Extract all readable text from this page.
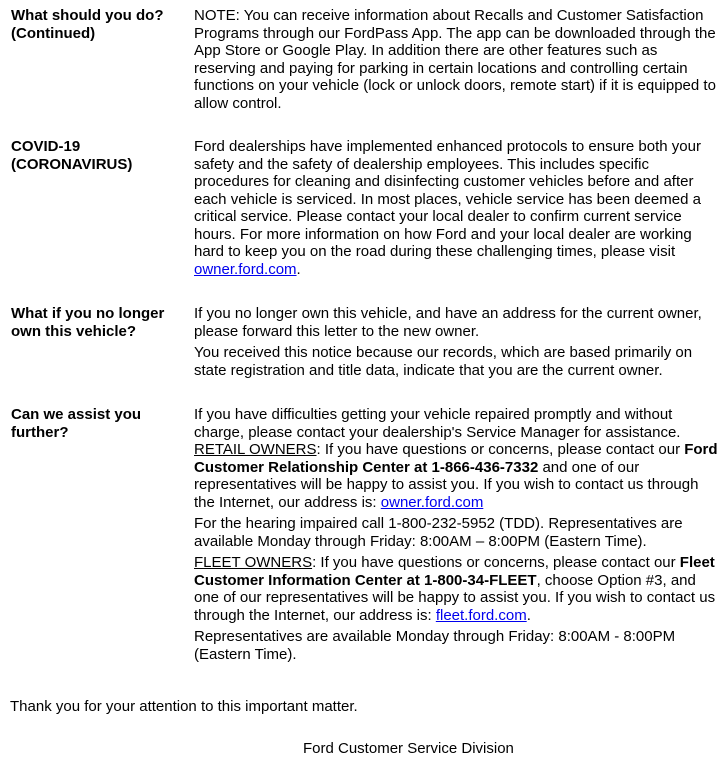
What should you do?
(Continued)

NOTE: You can receive information about Recalls and Customer Satisfaction Programs through our FordPass App. The app can be downloaded through the App Store or Google Play. In addition there are other features such as reserving and paying for parking in certain locations and controlling certain functions on your vehicle (lock or unlock doors, remote start) if it is equipped to allow control.

COVID-19
(CORONAVIRUS)

Ford dealerships have implemented enhanced protocols to ensure both your safety and the safety of dealership employees. This includes specific procedures for cleaning and disinfecting customer vehicles before and after each vehicle is serviced. In most places, vehicle service has been deemed a critical service. Please contact your local dealer to confirm current service hours. For more information on how Ford and your local dealer are working hard to keep you on the road during these challenging times, please visit owner.ford.com.

What if you no longer
own this vehicle?

If you no longer own this vehicle, and have an address for the current owner, please forward this letter to the new owner.

You received this notice because our records, which are based primarily on state registration and title data, indicate that you are the current owner.

Can we assist you
further?

If you have difficulties getting your vehicle repaired promptly and without charge, please contact your dealership's Service Manager for assistance.
RETAIL OWNERS: If you have questions or concerns, please contact our Ford Customer Relationship Center at 1-866-436-7332 and one of our representatives will be happy to assist you. If you wish to contact us through the Internet, our address is: owner.ford.com

For the hearing impaired call 1-800-232-5952 (TDD). Representatives are available Monday through Friday: 8:00AM – 8:00PM (Eastern Time).

FLEET OWNERS: If you have questions or concerns, please contact our Fleet Customer Information Center at 1-800-34-FLEET, choose Option #3, and one of our representatives will be happy to assist you. If you wish to contact us through the Internet, our address is: fleet.ford.com.

Representatives are available Monday through Friday: 8:00AM - 8:00PM (Eastern Time).

Thank you for your attention to this important matter.
Ford Customer Service Division
